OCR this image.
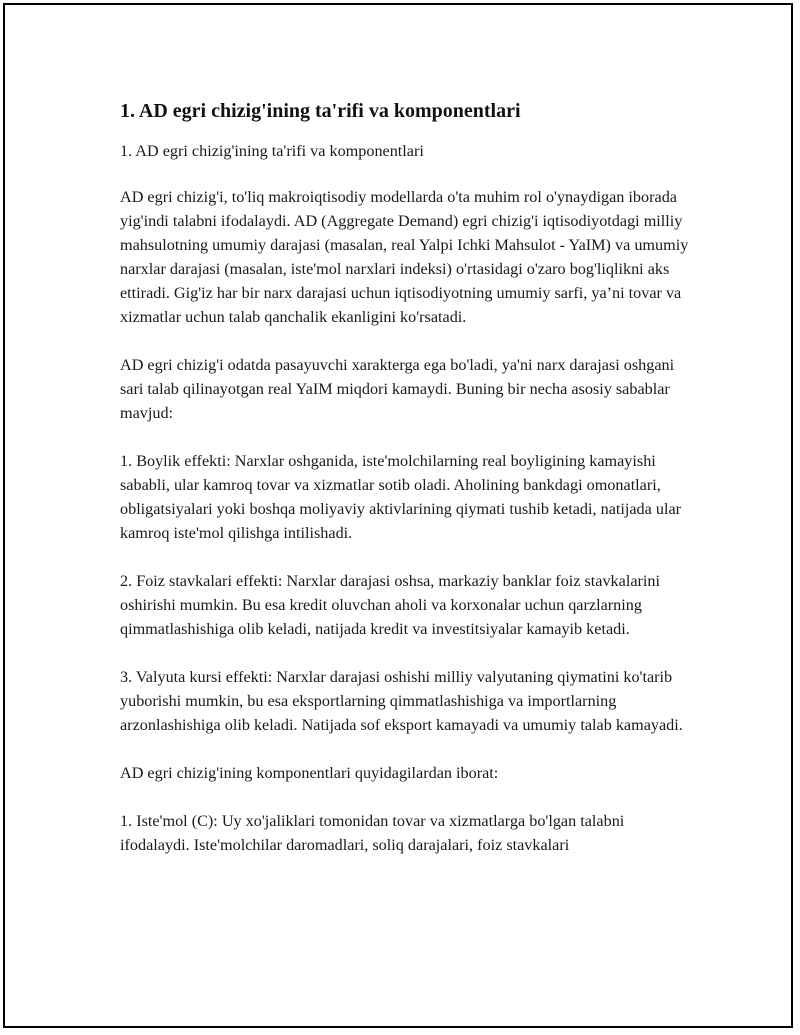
1. AD egri chizig'ining ta'rifi va komponentlari

1. AD egri chizig'ining ta'rifi va komponentlari

AD egri chizig'i, to'liq makroiqtisodiy modellarda o'ta muhim rol o'ynaydigan iborada yig'indi talabni ifodalaydi. AD (Aggregate Demand) egri chizig'i iqtisodiyotdagi milliy mahsulotning umumiy darajasi (masalan, real Yalpi Ichki Mahsulot - YaIM) va umumiy narxlar darajasi (masalan, iste'mol narxlari indeksi) o'rtasidagi o'zaro bog'liqlikni aks ettiradi. Gig'iz har bir narx darajasi uchun iqtisodiyotning umumiy sarfi, ya’ni tovar va xizmatlar uchun talab qanchalik ekanligini ko'rsatadi.

AD egri chizig'i odatda pasayuvchi xarakterga ega bo'ladi, ya'ni narx darajasi oshgani sari talab qilinayotgan real YaIM miqdori kamaydi. Buning bir necha asosiy sabablar mavjud:

1. Boylik effekti: Narxlar oshganida, iste'molchilarning real boyligining kamayishi sababli, ular kamroq tovar va xizmatlar sotib oladi. Aholining bankdagi omonatlari, obligatsiyalari yoki boshqa moliyaviy aktivlarining qiymati tushib ketadi, natijada ular kamroq iste'mol qilishga intilishadi.

2. Foiz stavkalari effekti: Narxlar darajasi oshsa, markaziy banklar foiz stavkalarini oshirishi mumkin. Bu esa kredit oluvchan aholi va korxonalar uchun qarzlarning qimmatlashishiga olib keladi, natijada kredit va investitsiyalar kamayib ketadi.

3. Valyuta kursi effekti: Narxlar darajasi oshishi milliy valyutaning qiymatini ko'tarib yuborishi mumkin, bu esa eksportlarning qimmatlashishiga va importlarning arzonlashishiga olib keladi. Natijada sof eksport kamayadi va umumiy talab kamayadi.

AD egri chizig'ining komponentlari quyidagilardan iborat:

1. Iste'mol (C): Uy xo'jaliklari tomonidan tovar va xizmatlarga bo'lgan talabni ifodalaydi. Iste'molchilar daromadlari, soliq darajalari, foiz stavkalari
